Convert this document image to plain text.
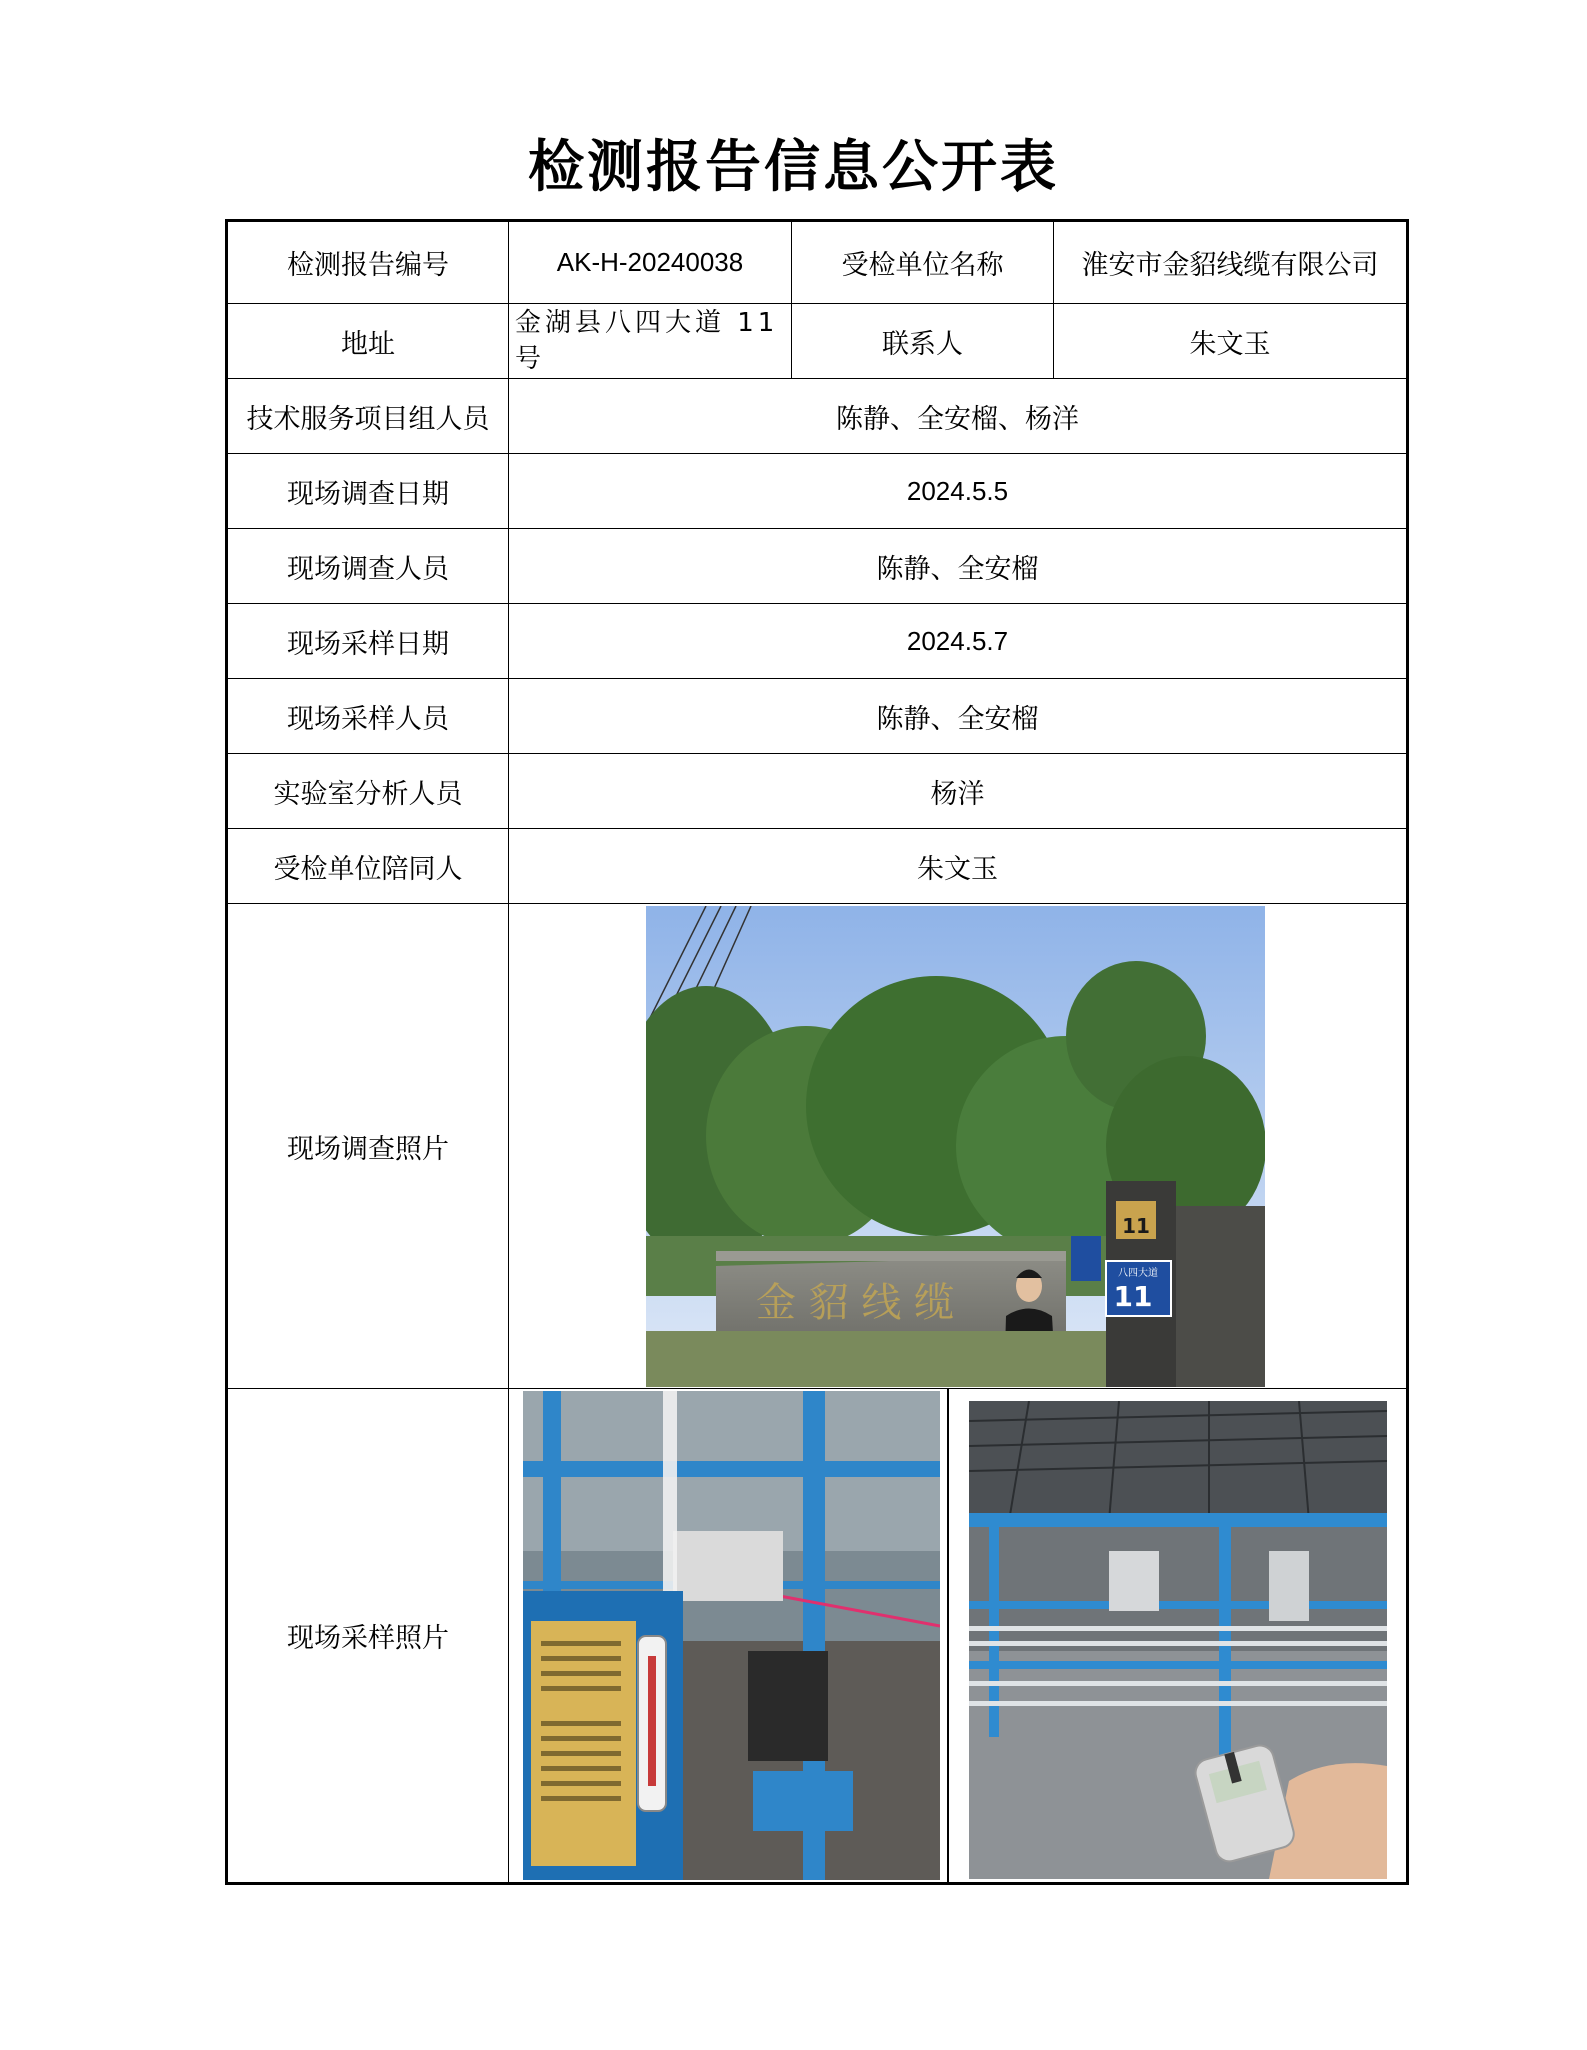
检测报告信息公开表
检测报告编号	AK-H-20240038	受检单位名称	淮安市金貂线缆有限公司
地址	金湖县八四大道 11 号	联系人	朱文玉
技术服务项目组人员	陈静、全安榴、杨洋		
现场调查日期	2024.5.5		
现场调查人员	陈静、全安榴		
现场采样日期	2024.5.7		
现场采样人员	陈静、全安榴		
实验室分析人员	杨洋		
受检单位陪同人	朱文玉		
现场调查照片	金 貂 线 缆
11
八四大道
11		

现场采样照片	
